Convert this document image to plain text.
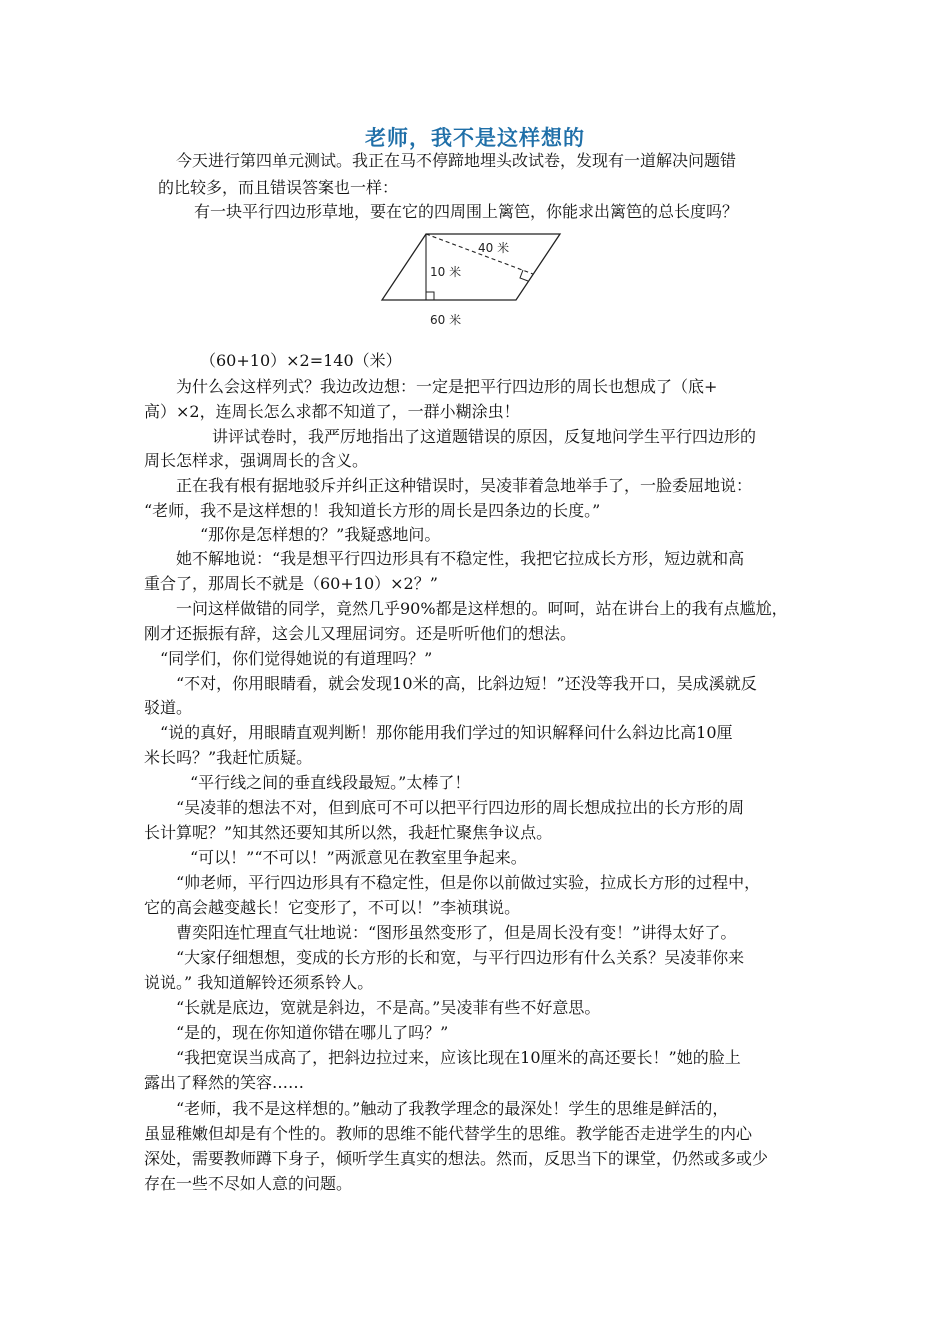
老师，我不是这样想的
今天进行第四单元测试。我正在马不停蹄地埋头改试卷，发现有一道解决问题错
的比较多，而且错误答案也一样：
有一块平行四边形草地，要在它的四周围上篱笆，你能求出篱笆的总长度吗？
40 米
10 米
60 米
（60+10）×2=140（米）
为什么会这样列式？我边改边想：一定是把平行四边形的周长也想成了（底+
高）×2，连周长怎么求都不知道了，一群小糊涂虫！
讲评试卷时，我严厉地指出了这道题错误的原因，反复地问学生平行四边形的
周长怎样求，强调周长的含义。
正在我有根有据地驳斥并纠正这种错误时，吴凌菲着急地举手了，一脸委屈地说：
“老师，我不是这样想的！我知道长方形的周长是四条边的长度。”
“那你是怎样想的？”我疑惑地问。
她不解地说：“我是想平行四边形具有不稳定性，我把它拉成长方形，短边就和高
重合了，那周长不就是（60+10）×2？”
一问这样做错的同学，竟然几乎90%都是这样想的。呵呵，站在讲台上的我有点尴尬，
刚才还振振有辞，这会儿又理屈词穷。还是听听他们的想法。
“同学们，你们觉得她说的有道理吗？”
“不对，你用眼睛看，就会发现10米的高，比斜边短！”还没等我开口，吴成溪就反
驳道。
“说的真好，用眼睛直观判断！那你能用我们学过的知识解释问什么斜边比高10厘
米长吗？”我赶忙质疑。
“平行线之间的垂直线段最短。”太棒了！
“吴凌菲的想法不对，但到底可不可以把平行四边形的周长想成拉出的长方形的周
长计算呢？”知其然还要知其所以然，我赶忙聚焦争议点。
“可以！”“不可以！”两派意见在教室里争起来。
“帅老师，平行四边形具有不稳定性，但是你以前做过实验，拉成长方形的过程中，
它的高会越变越长！它变形了，不可以！”李祯琪说。
曹奕阳连忙理直气壮地说：“图形虽然变形了，但是周长没有变！”讲得太好了。
“大家仔细想想，变成的长方形的长和宽，与平行四边形有什么关系？吴凌菲你来
说说。” 我知道解铃还须系铃人。
“长就是底边，宽就是斜边，不是高。”吴凌菲有些不好意思。
“是的，现在你知道你错在哪儿了吗？”
“我把宽误当成高了，把斜边拉过来，应该比现在10厘米的高还要长！”她的脸上
露出了释然的笑容……
“老师，我不是这样想的。”触动了我教学理念的最深处！学生的思维是鲜活的，
虽显稚嫩但却是有个性的。教师的思维不能代替学生的思维。教学能否走进学生的内心
深处，需要教师蹲下身子，倾听学生真实的想法。然而，反思当下的课堂，仍然或多或少
存在一些不尽如人意的问题。
